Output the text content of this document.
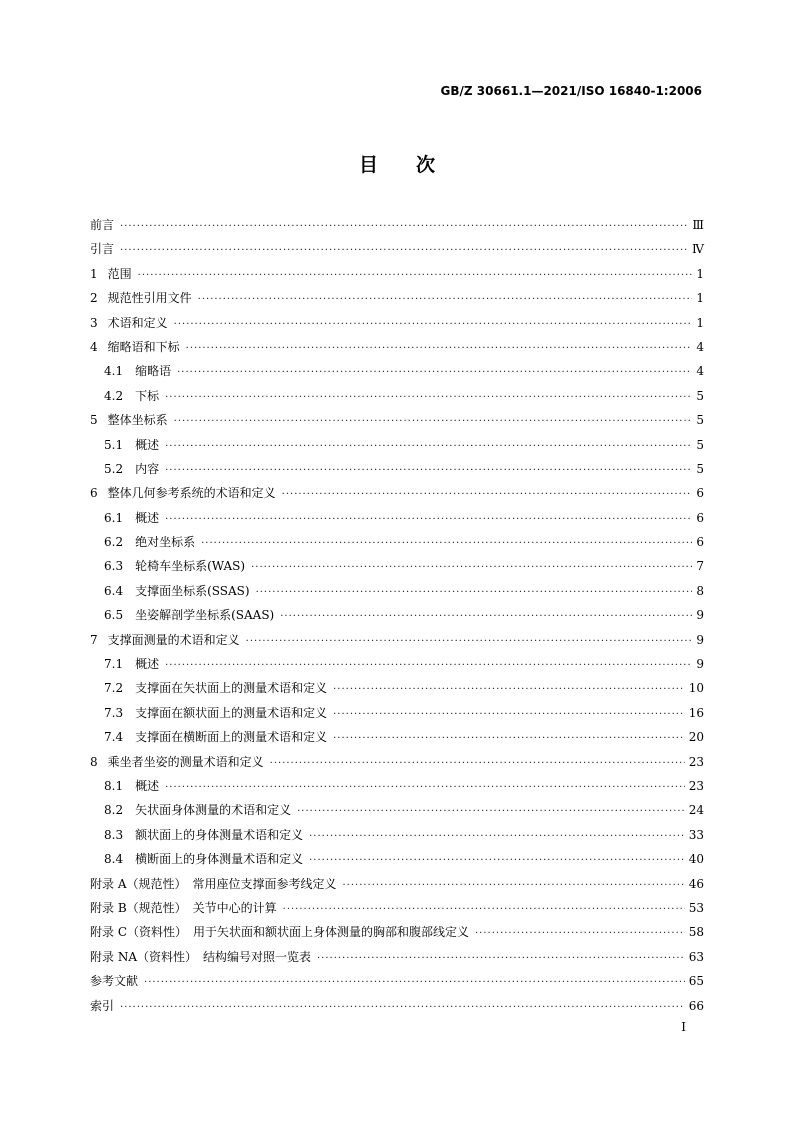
GB/Z 30661.1—2021/ISO 16840-1:2006
目　　次
前言 ·····	Ⅲ
引言 ·····	Ⅳ
1 范围 ·····	1
2 规范性引用文件 ·····	1
3 术语和定义 ·····	1
4 缩略语和下标 ·····	4
4.1 缩略语 ·····	4
4.2 下标 ·····	5
5 整体坐标系 ·····	5
5.1 概述 ·····	5
5.2 内容 ·····	5
6 整体几何参考系统的术语和定义 ·····	6
6.1 概述 ·····	6
6.2 绝对坐标系 ·····	6
6.3 轮椅车坐标系(WAS) ·····	7
6.4 支撑面坐标系(SSAS) ·····	8
6.5 坐姿解剖学坐标系(SAAS) ·····	9
7 支撑面测量的术语和定义 ·····	9
7.1 概述 ·····	9
7.2 支撑面在矢状面上的测量术语和定义 ·····	10
7.3 支撑面在额状面上的测量术语和定义 ·····	16
7.4 支撑面在横断面上的测量术语和定义 ·····	20
8 乘坐者坐姿的测量术语和定义 ·····	23
8.1 概述 ·····	23
8.2 矢状面身体测量的术语和定义 ·····	24
8.3 额状面上的身体测量术语和定义 ·····	33
8.4 横断面上的身体测量术语和定义 ·····	40
附录 A（规范性）　常用座位支撑面参考线定义 ·····	46
附录 B（规范性）　关节中心的计算 ·····	53
附录 C（资料性）　用于矢状面和额状面上身体测量的胸部和腹部线定义 ·····	58
附录 NA（资料性）　结构编号对照一览表 ·····	63
参考文献 ·····	65
索引 ·····	66
I
